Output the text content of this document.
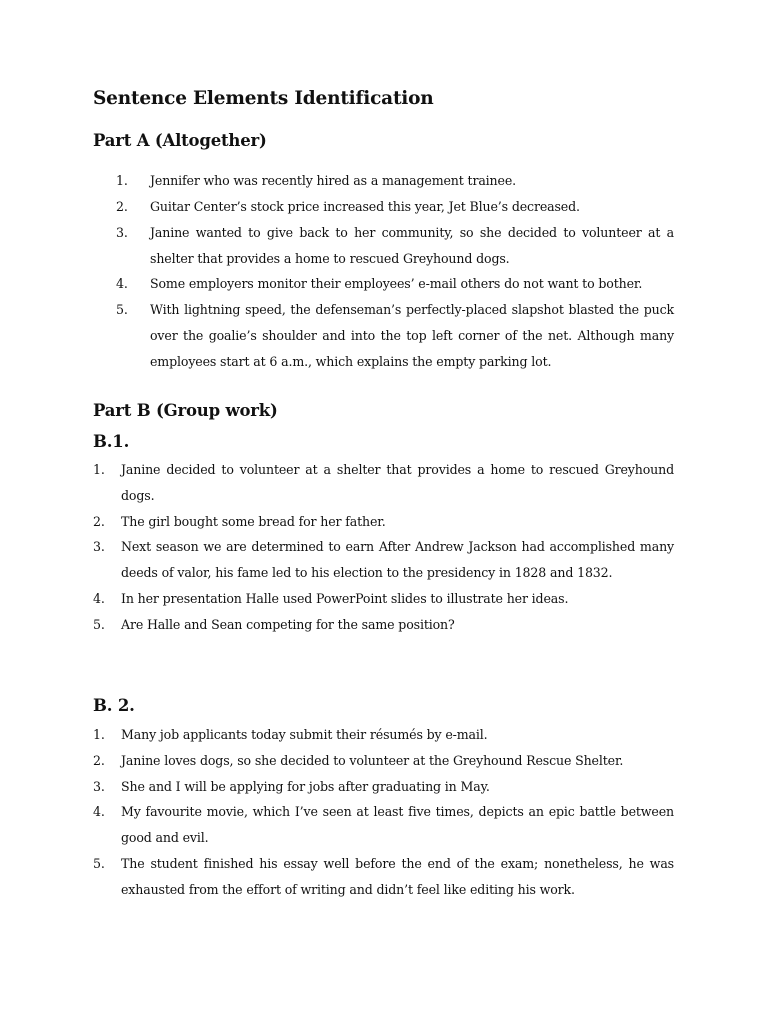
Sentence Elements Identification
Part A (Altogether)
1. Jennifer who was recently hired as a management trainee.
2. Guitar Center’s stock price increased this year, Jet Blue’s decreased.
3. Janine wanted to give back to her community, so she decided to volunteer at a shelter that provides a home to rescued Greyhound dogs.
4. Some employers monitor their employees’ e-mail others do not want to bother.
5. With lightning speed, the defenseman’s perfectly-placed slapshot blasted the puck over the goalie’s shoulder and into the top left corner of the net. Although many employees start at 6 a.m., which explains the empty parking lot.
Part B (Group work)
B.1.
1. Janine decided to volunteer at a shelter that provides a home to rescued Greyhound dogs.
2. The girl bought some bread for her father.
3. Next season we are determined to earn After Andrew Jackson had accomplished many deeds of valor, his fame led to his election to the presidency in 1828 and 1832.
4. In her presentation Halle used PowerPoint slides to illustrate her ideas.
5. Are Halle and Sean competing for the same position?
B. 2.
1. Many job applicants today submit their résumés by e-mail.
2. Janine loves dogs, so she decided to volunteer at the Greyhound Rescue Shelter.
3. She and I will be applying for jobs after graduating in May.
4. My favourite movie, which I’ve seen at least five times, depicts an epic battle between good and evil.
5. The student finished his essay well before the end of the exam; nonetheless, he was exhausted from the effort of writing and didn’t feel like editing his work.
